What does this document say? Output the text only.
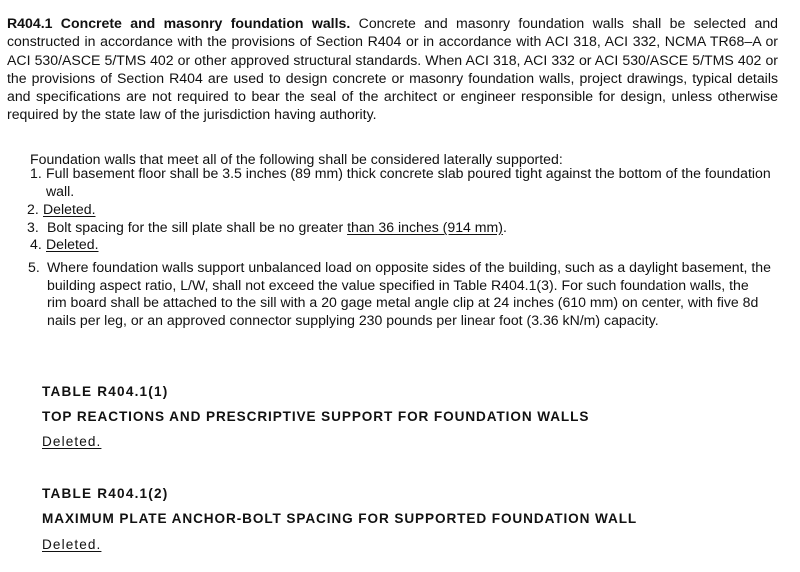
R404.1 Concrete and masonry foundation walls. Concrete and masonry foundation walls shall be selected and constructed in accordance with the provisions of Section R404 or in accordance with ACI 318, ACI 332, NCMA TR68–A or ACI 530/ASCE 5/TMS 402 or other approved structural standards. When ACI 318, ACI 332 or ACI 530/ASCE 5/TMS 402 or the provisions of Section R404 are used to design concrete or masonry foundation walls, project drawings, typical details and specifications are not required to bear the seal of the architect or engineer responsible for design, unless otherwise required by the state law of the jurisdiction having authority.

Foundation walls that meet all of the following shall be considered laterally supported:

1. Full basement floor shall be 3.5 inches (89 mm) thick concrete slab poured tight against the bottom of the foundation wall.
2. Deleted.
3. Bolt spacing for the sill plate shall be no greater than 36 inches (914 mm).
4. Deleted.
5. Where foundation walls support unbalanced load on opposite sides of the building, such as a daylight basement, the building aspect ratio, L/W, shall not exceed the value specified in Table R404.1(3). For such foundation walls, the rim board shall be attached to the sill with a 20 gage metal angle clip at 24 inches (610 mm) on center, with five 8d nails per leg, or an approved connector supplying 230 pounds per linear foot (3.36 kN/m) capacity.

TABLE R404.1(1)

TOP REACTIONS AND PRESCRIPTIVE SUPPORT FOR FOUNDATION WALLS

Deleted.

TABLE R404.1(2)

MAXIMUM PLATE ANCHOR-BOLT SPACING FOR SUPPORTED FOUNDATION WALL

Deleted.
